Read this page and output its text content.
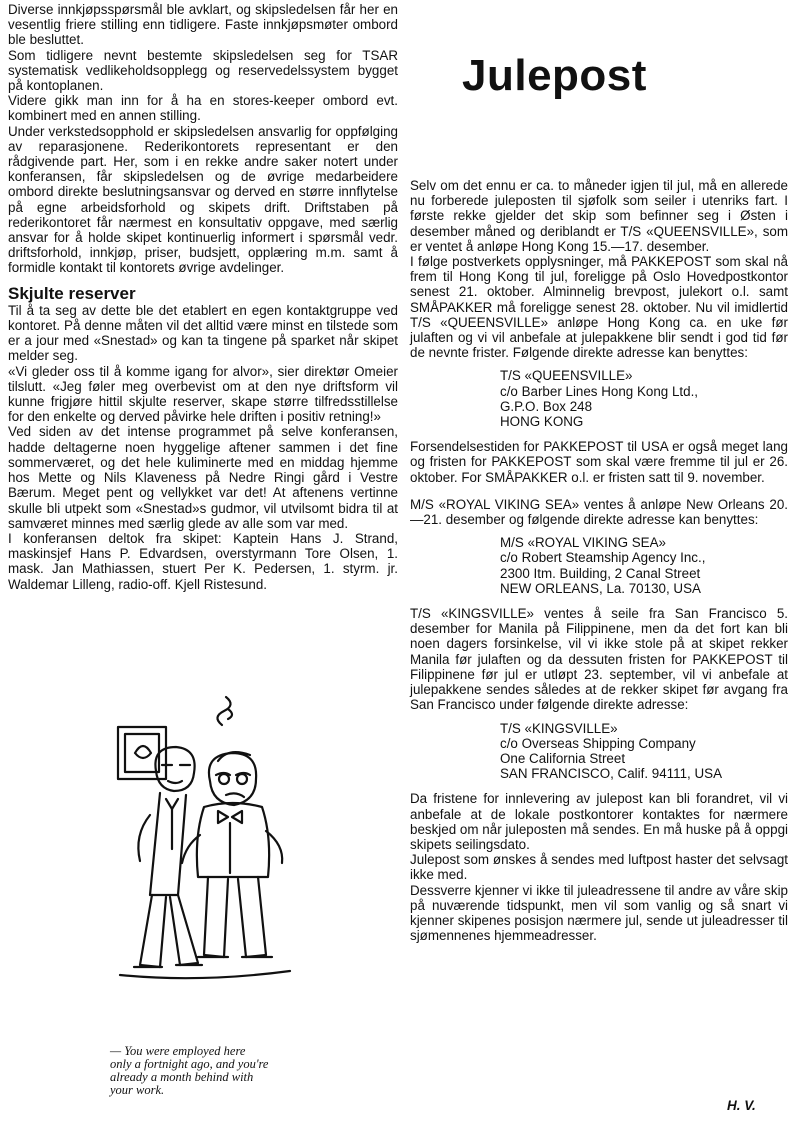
Diverse innkjøpsspørsmål ble avklart, og skipsledelsen får her en vesentlig friere stilling enn tidligere. Faste innkjøpsmøter ombord ble besluttet.

Som tidligere nevnt bestemte skipsledelsen seg for TSAR systematisk vedlikeholdsopplegg og reservedelssystem bygget på kontoplanen.

Videre gikk man inn for å ha en stores-keeper ombord evt. kombinert med en annen stilling.

Under verkstedsopphold er skipsledelsen ansvarlig for oppfølging av reparasjonene. Rederikontorets representant er den rådgivende part. Her, som i en rekke andre saker notert under konferansen, får skipsledelsen og de øvrige medarbeidere ombord direkte beslutningsansvar og derved en større innflytelse på egne arbeidsforhold og skipets drift. Driftstaben på rederikontoret får nærmest en konsultativ oppgave, med særlig ansvar for å holde skipet kontinuerlig informert i spørsmål vedr. driftsforhold, innkjøp, priser, budsjett, opplæring m.m. samt å formidle kontakt til kontorets øvrige avdelinger.

Skjulte reserver

Til å ta seg av dette ble det etablert en egen kontaktgruppe ved kontoret. På denne måten vil det alltid være minst en tilstede som er a jour med «Snestad» og kan ta tingene på sparket når skipet melder seg.

«Vi gleder oss til å komme igang for alvor», sier direktør Omeier tilslutt. «Jeg føler meg overbevist om at den nye driftsform vil kunne frigjøre hittil skjulte reserver, skape større tilfredsstillelse for den enkelte og derved påvirke hele driften i positiv retning!»

Ved siden av det intense programmet på selve konferansen, hadde deltagerne noen hyggelige aftener sammen i det fine sommerværet, og det hele kuliminerte med en middag hjemme hos Mette og Nils Klaveness på Nedre Ringi gård i Vestre Bærum. Meget pent og vellykket var det! At aftenens vertinne skulle bli utpekt som «Snestad»s gudmor, vil utvilsomt bidra til at samværet minnes med særlig glede av alle som var med.

I konferansen deltok fra skipet: Kaptein Hans J. Strand, maskinsjef Hans P. Edvardsen, overstyrmann Tore Olsen, 1. mask. Jan Mathiassen, stuert Per K. Pedersen, 1. styrm. jr. Waldemar Lilleng, radio-off. Kjell Ristesund.

— You were employed here
only a fortnight ago, and you're
already a month behind with
your work.
Julepost

Selv om det ennu er ca. to måneder igjen til jul, må en allerede nu forberede juleposten til sjøfolk som seiler i utenriks fart. I første rekke gjelder det skip som befinner seg i Østen i desember måned og deriblandt er T/S «QUEENSVILLE», som er ventet å anløpe Hong Kong 15.—17. desember.

I følge postverkets opplysninger, må PAKKEPOST som skal nå frem til Hong Kong til jul, foreligge på Oslo Hovedpostkontor senest 21. oktober. Alminnelig brevpost, julekort o.l. samt SMÅPAKKER må foreligge senest 28. oktober. Nu vil imidlertid T/S «QUEENSVILLE» anløpe Hong Kong ca. en uke før julaften og vi vil anbefale at julepakkene blir sendt i god tid før de nevnte frister. Følgende direkte adresse kan benyttes:

T/S «QUEENSVILLE»
c/o Barber Lines Hong Kong Ltd.,
G.P.O. Box 248
HONG KONG

Forsendelsestiden for PAKKEPOST til USA er også meget lang og fristen for PAKKEPOST som skal være fremme til jul er 26. oktober. For SMÅPAKKER o.l. er fristen satt til 9. november.

M/S «ROYAL VIKING SEA» ventes å anløpe New Orleans 20.—21. desember og følgende direkte adresse kan benyttes:

M/S «ROYAL VIKING SEA»
c/o Robert Steamship Agency Inc.,
2300 Itm. Building, 2 Canal Street
NEW ORLEANS, La. 70130, USA

T/S «KINGSVILLE» ventes å seile fra San Francisco 5. desember for Manila på Filippinene, men da det fort kan bli noen dagers forsinkelse, vil vi ikke stole på at skipet rekker Manila før julaften og da dessuten fristen for PAKKEPOST til Filippinene før jul er utløpt 23. september, vil vi anbefale at julepakkene sendes således at de rekker skipet før avgang fra San Francisco under følgende direkte adresse:

T/S «KINGSVILLE»
c/o Overseas Shipping Company
One California Street
SAN FRANCISCO, Calif. 94111, USA

Da fristene for innlevering av julepost kan bli forandret, vil vi anbefale at de lokale postkontorer kontaktes for nærmere beskjed om når juleposten må sendes. En må huske på å oppgi skipets seilingsdato.

Julepost som ønskes å sendes med luftpost haster det selvsagt ikke med.

Dessverre kjenner vi ikke til juleadressene til andre av våre skip på nuværende tidspunkt, men vil som vanlig og så snart vi kjenner skipenes posisjon nærmere jul, sende ut juleadresser til sjømennenes hjemmeadresser.

H. V.
